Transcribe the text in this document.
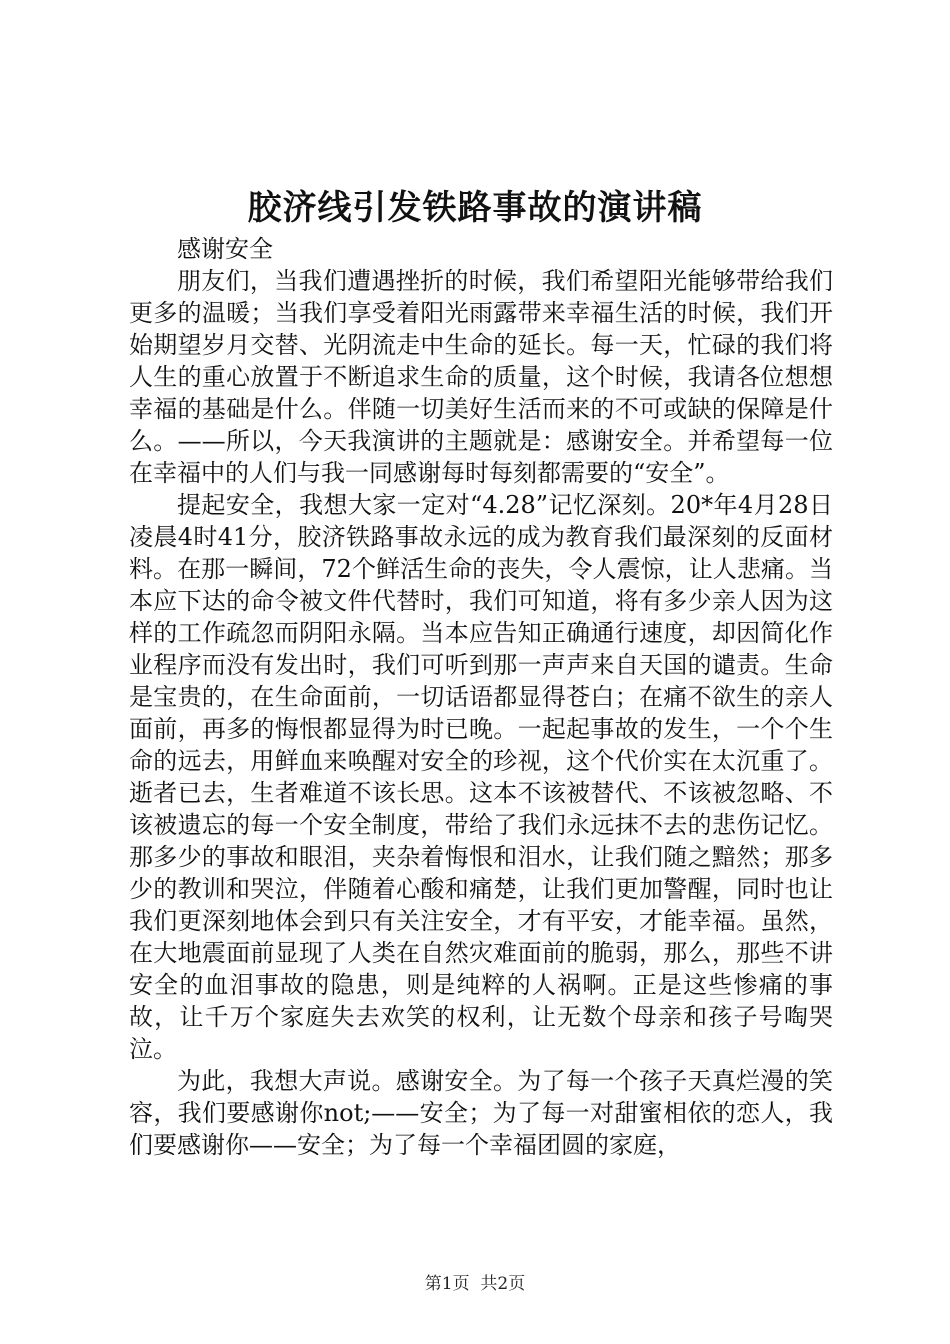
胶济线引发铁路事故的演讲稿

感谢安全

朋友们，当我们遭遇挫折的时候，我们希望阳光能够带给我们更多的温暖；当我们享受着阳光雨露带来幸福生活的时候，我们开始期望岁月交替、光阴流走中生命的延长。每一天，忙碌的我们将人生的重心放置于不断追求生命的质量，这个时候，我请各位想想幸福的基础是什么。伴随一切美好生活而来的不可或缺的保障是什么。——所以，今天我演讲的主题就是：感谢安全。并希望每一位在幸福中的人们与我一同感谢每时每刻都需要的“安全”。

提起安全，我想大家一定对“4.28”记忆深刻。20*年4月28日凌晨4时41分，胶济铁路事故永远的成为教育我们最深刻的反面材料。在那一瞬间，72个鲜活生命的丧失，令人震惊，让人悲痛。当本应下达的命令被文件代替时，我们可知道，将有多少亲人因为这样的工作疏忽而阴阳永隔。当本应告知正确通行速度，却因简化作业程序而没有发出时，我们可听到那一声声来自天国的谴责。生命是宝贵的，在生命面前，一切话语都显得苍白；在痛不欲生的亲人面前，再多的悔恨都显得为时已晚。一起起事故的发生，一个个生命的远去，用鲜血来唤醒对安全的珍视，这个代价实在太沉重了。逝者已去，生者难道不该长思。这本不该被替代、不该被忽略、不该被遗忘的每一个安全制度，带给了我们永远抹不去的悲伤记忆。那多少的事故和眼泪，夹杂着悔恨和泪水，让我们随之黯然；那多少的教训和哭泣，伴随着心酸和痛楚，让我们更加警醒，同时也让我们更深刻地体会到只有关注安全，才有平安，才能幸福。虽然，在大地震面前显现了人类在自然灾难面前的脆弱，那么，那些不讲安全的血泪事故的隐患，则是纯粹的人祸啊。正是这些惨痛的事故，让千万个家庭失去欢笑的权利，让无数个母亲和孩子号啕哭泣。

为此，我想大声说。感谢安全。为了每一个孩子天真烂漫的笑容，我们要感谢你not;——安全；为了每一对甜蜜相依的恋人，我们要感谢你——安全；为了每一个幸福团圆的家庭，

第1页 共2页
